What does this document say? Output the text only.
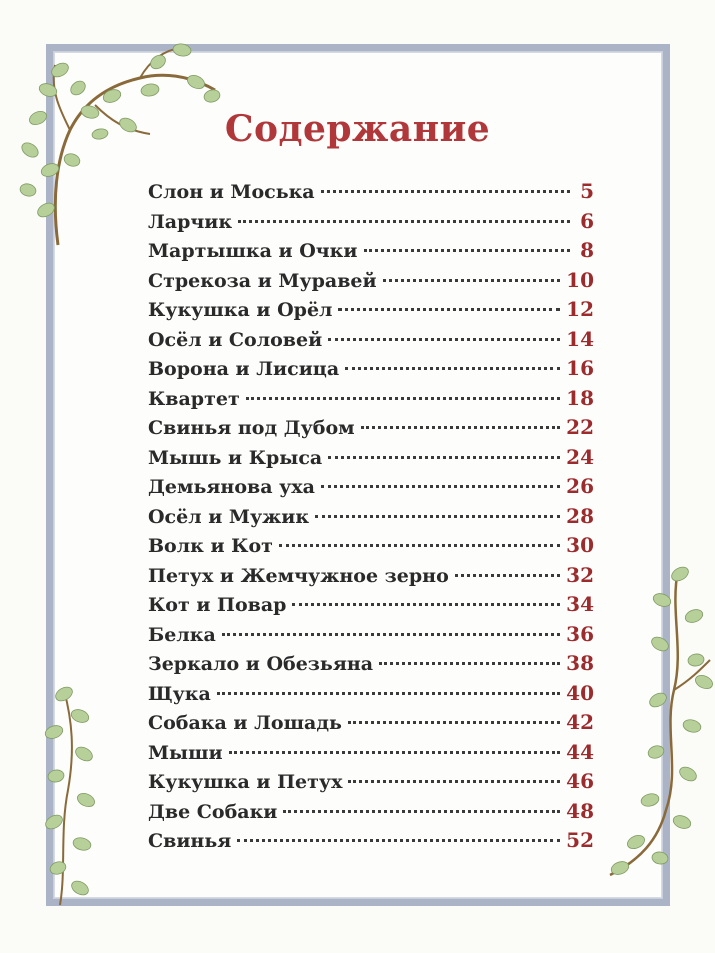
Содержание
Слон и Моська	5
Ларчик	6
Мартышка и Очки	8
Стрекоза и Муравей	10
Кукушка и Орёл	12
Осёл и Соловей	14
Ворона и Лисица	16
Квартет	18
Свинья под Дубом	22
Мышь и Крыса	24
Демьянова уха	26
Осёл и Мужик	28
Волк и Кот	30
Петух и Жемчужное зерно	32
Кот и Повар	34
Белка	36
Зеркало и Обезьяна	38
Щука	40
Собака и Лошадь	42
Мыши	44
Кукушка и Петух	46
Две Собаки	48
Свинья	52
